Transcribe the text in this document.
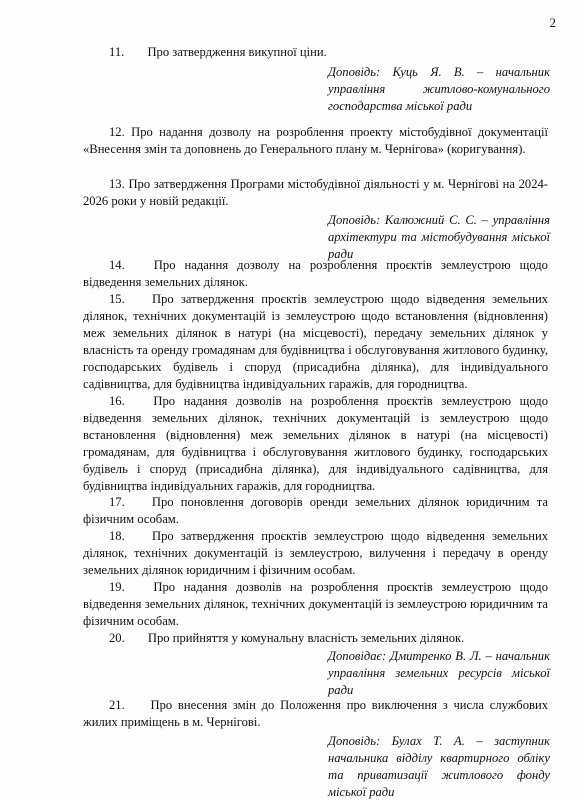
2
11. Про затвердження викупної ціни.
Доповідь: Куць Я. В. – начальник управління житлово-комунального господарства міської ради
12. Про надання дозволу на розроблення проекту містобудівної документації «Внесення змін та доповнень до Генерального плану м. Чернігова» (коригування).
13. Про затвердження Програми містобудівної діяльності у м. Чернігові на 2024-2026 роки у новій редакції.
Доповідь: Калюжний С. С. – управління архітектури та містобудування міської ради
14. Про надання дозволу на розроблення проєктів землеустрою щодо відведення земельних ділянок.
15. Про затвердження проєктів землеустрою щодо відведення земельних ділянок, технічних документацій із землеустрою щодо встановлення (відновлення) меж земельних ділянок в натурі (на місцевості), передачу земельних ділянок у власність та оренду громадянам для будівництва і обслуговування житлового будинку, господарських будівель і споруд (присадибна ділянка), для індивідуального садівництва, для будівництва індивідуальних гаражів, для городництва.
16. Про надання дозволів на розроблення проєктів землеустрою щодо відведення земельних ділянок, технічних документацій із землеустрою щодо встановлення (відновлення) меж земельних ділянок в натурі (на місцевості) громадянам, для будівництва і обслуговування житлового будинку, господарських будівель і споруд (присадибна ділянка), для індивідуального садівництва, для будівництва індивідуальних гаражів, для городництва.
17. Про поновлення договорів оренди земельних ділянок юридичним та фізичним особам.
18. Про затвердження проєктів землеустрою щодо відведення земельних ділянок, технічних документацій із землеустрою, вилучення і передачу в оренду земельних ділянок юридичним і фізичним особам.
19. Про надання дозволів на розроблення проєктів землеустрою щодо відведення земельних ділянок, технічних документацій із землеустрою юридичним та фізичним особам.
20. Про прийняття у комунальну власність земельних ділянок.
Доповідає: Дмитренко В. Л. – начальник управління земельних ресурсів міської ради
21. Про внесення змін до Положення про виключення з числа службових жилих приміщень в м. Чернігові.
Доповідь: Булах Т. А. – заступник начальника відділу квартирного обліку та приватизації житлового фонду міської ради
